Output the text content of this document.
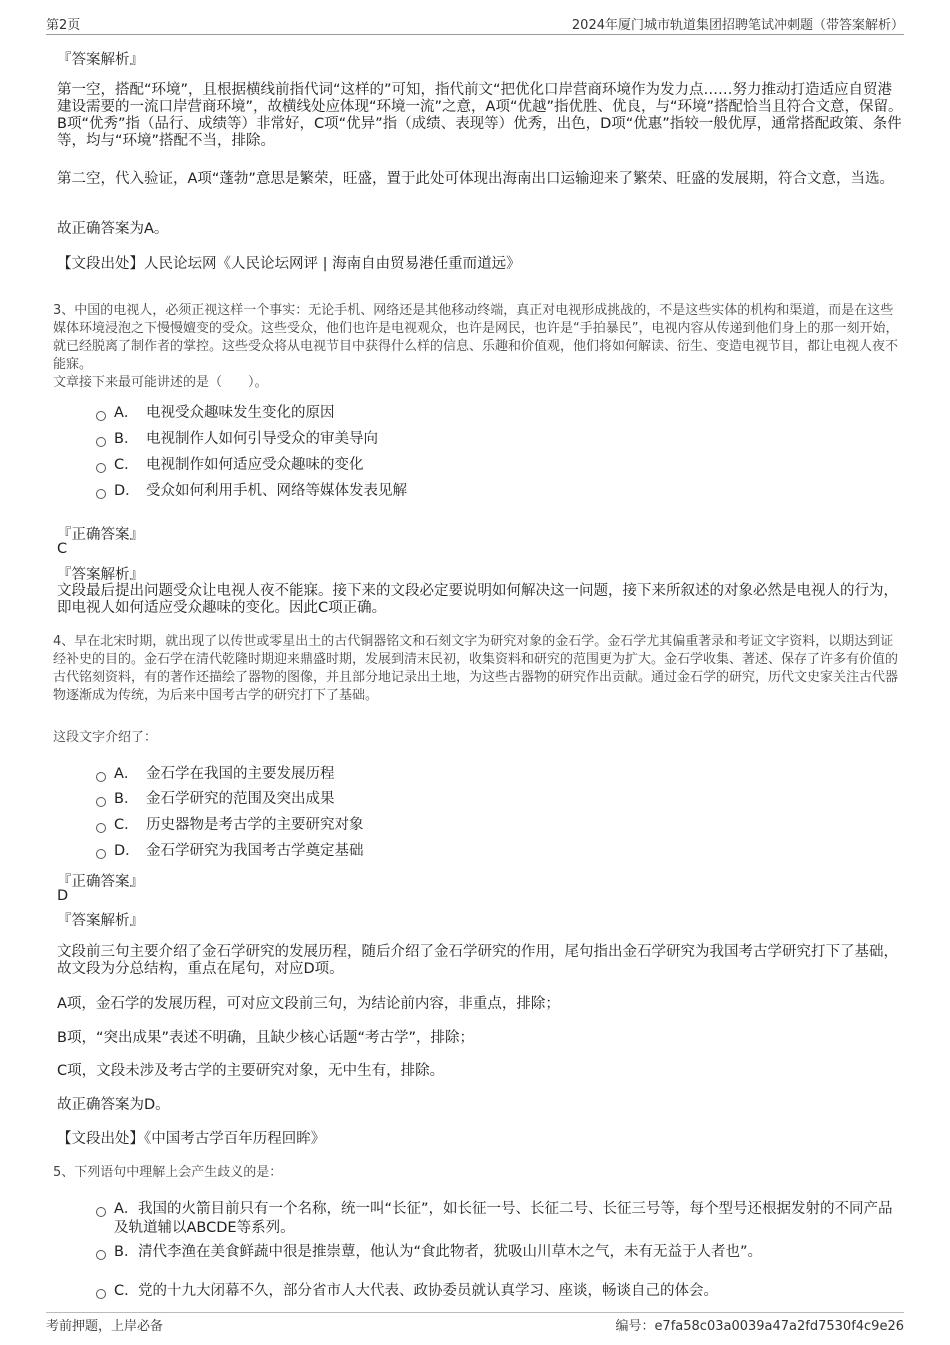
第2页	2024年厦门城市轨道集团招聘笔试冲刺题（带答案解析）
『答案解析』

第一空，搭配“环境”，且根据横线前指代词“这样的”可知，指代前文“把优化口岸营商环境作为发力点……努力推动打造适应自贸港建设需要的一流口岸营商环境”，故横线处应体现“环境一流”之意，A项“优越”指优胜、优良，与“环境”搭配恰当且符合文意，保留。B项“优秀”指（品行、成绩等）非常好，C项“优异”指（成绩、表现等）优秀，出色，D项“优惠”指较一般优厚，通常搭配政策、条件等，均与“环境”搭配不当，排除。

第二空，代入验证，A项“蓬勃”意思是繁荣，旺盛，置于此处可体现出海南出口运输迎来了繁荣、旺盛的发展期，符合文意，当选。

故正确答案为A。

【文段出处】人民论坛网《人民论坛网评 | 海南自由贸易港任重而道远》

3、中国的电视人，必须正视这样一个事实：无论手机、网络还是其他移动终端，真正对电视形成挑战的，不是这些实体的机构和渠道，而是在这些媒体环境浸泡之下慢慢嬗变的受众。这些受众，他们也许是电视观众，也许是网民，也许是“手拍暴民”，电视内容从传递到他们身上的那一刻开始，就已经脱离了制作者的掌控。这些受众将从电视节目中获得什么样的信息、乐趣和价值观，他们将如何解读、衍生、变造电视节目，都让电视人夜不能寐。

文章接下来最可能讲述的是（　　）。

A． 电视受众趣味发生变化的原因
B． 电视制作人如何引导受众的审美导向
C． 电视制作如何适应受众趣味的变化
D． 受众如何利用手机、网络等媒体发表见解
『正确答案』
C
『答案解析』

文段最后提出问题受众让电视人夜不能寐。接下来的文段必定要说明如何解决这一问题，接下来所叙述的对象必然是电视人的行为，即电视人如何适应受众趣味的变化。因此C项正确。

4、早在北宋时期，就出现了以传世或零星出土的古代铜器铭文和石刻文字为研究对象的金石学。金石学尤其偏重著录和考证文字资料，以期达到证经补史的目的。金石学在清代乾隆时期迎来鼎盛时期，发展到清末民初，收集资料和研究的范围更为扩大。金石学收集、著述、保存了许多有价值的古代铭刻资料，有的著作还描绘了器物的图像，并且部分地记录出土地，为这些古器物的研究作出贡献。通过金石学的研究，历代文史家关注古代器物逐渐成为传统，为后来中国考古学的研究打下了基础。

这段文字介绍了：

A． 金石学在我国的主要发展历程
B． 金石学研究的范围及突出成果
C． 历史器物是考古学的主要研究对象
D． 金石学研究为我国考古学奠定基础
『正确答案』
D
『答案解析』

文段前三句主要介绍了金石学研究的发展历程，随后介绍了金石学研究的作用，尾句指出金石学研究为我国考古学研究打下了基础，故文段为分总结构，重点在尾句，对应D项。

A项，金石学的发展历程，可对应文段前三句，为结论前内容，非重点，排除；

B项，“突出成果”表述不明确，且缺少核心话题“考古学”，排除；

C项，文段未涉及考古学的主要研究对象，无中生有，排除。

故正确答案为D。

【文段出处】《中国考古学百年历程回眸》

5、下列语句中理解上会产生歧义的是：

A． 我国的火箭目前只有一个名称，统一叫“长征”，如长征一号、长征二号、长征三号等，每个型号还根据发射的不同产品及轨道辅以ABCDE等系列。
B． 清代李渔在美食鲜蔬中很是推崇蕈，他认为“食此物者，犹吸山川草木之气，未有无益于人者也”。
C． 党的十九大闭幕不久，部分省市人大代表、政协委员就认真学习、座谈，畅谈自己的体会。
考前押题，上岸必备	编号：e7fa58c03a0039a47a2fd7530f4c9e26
